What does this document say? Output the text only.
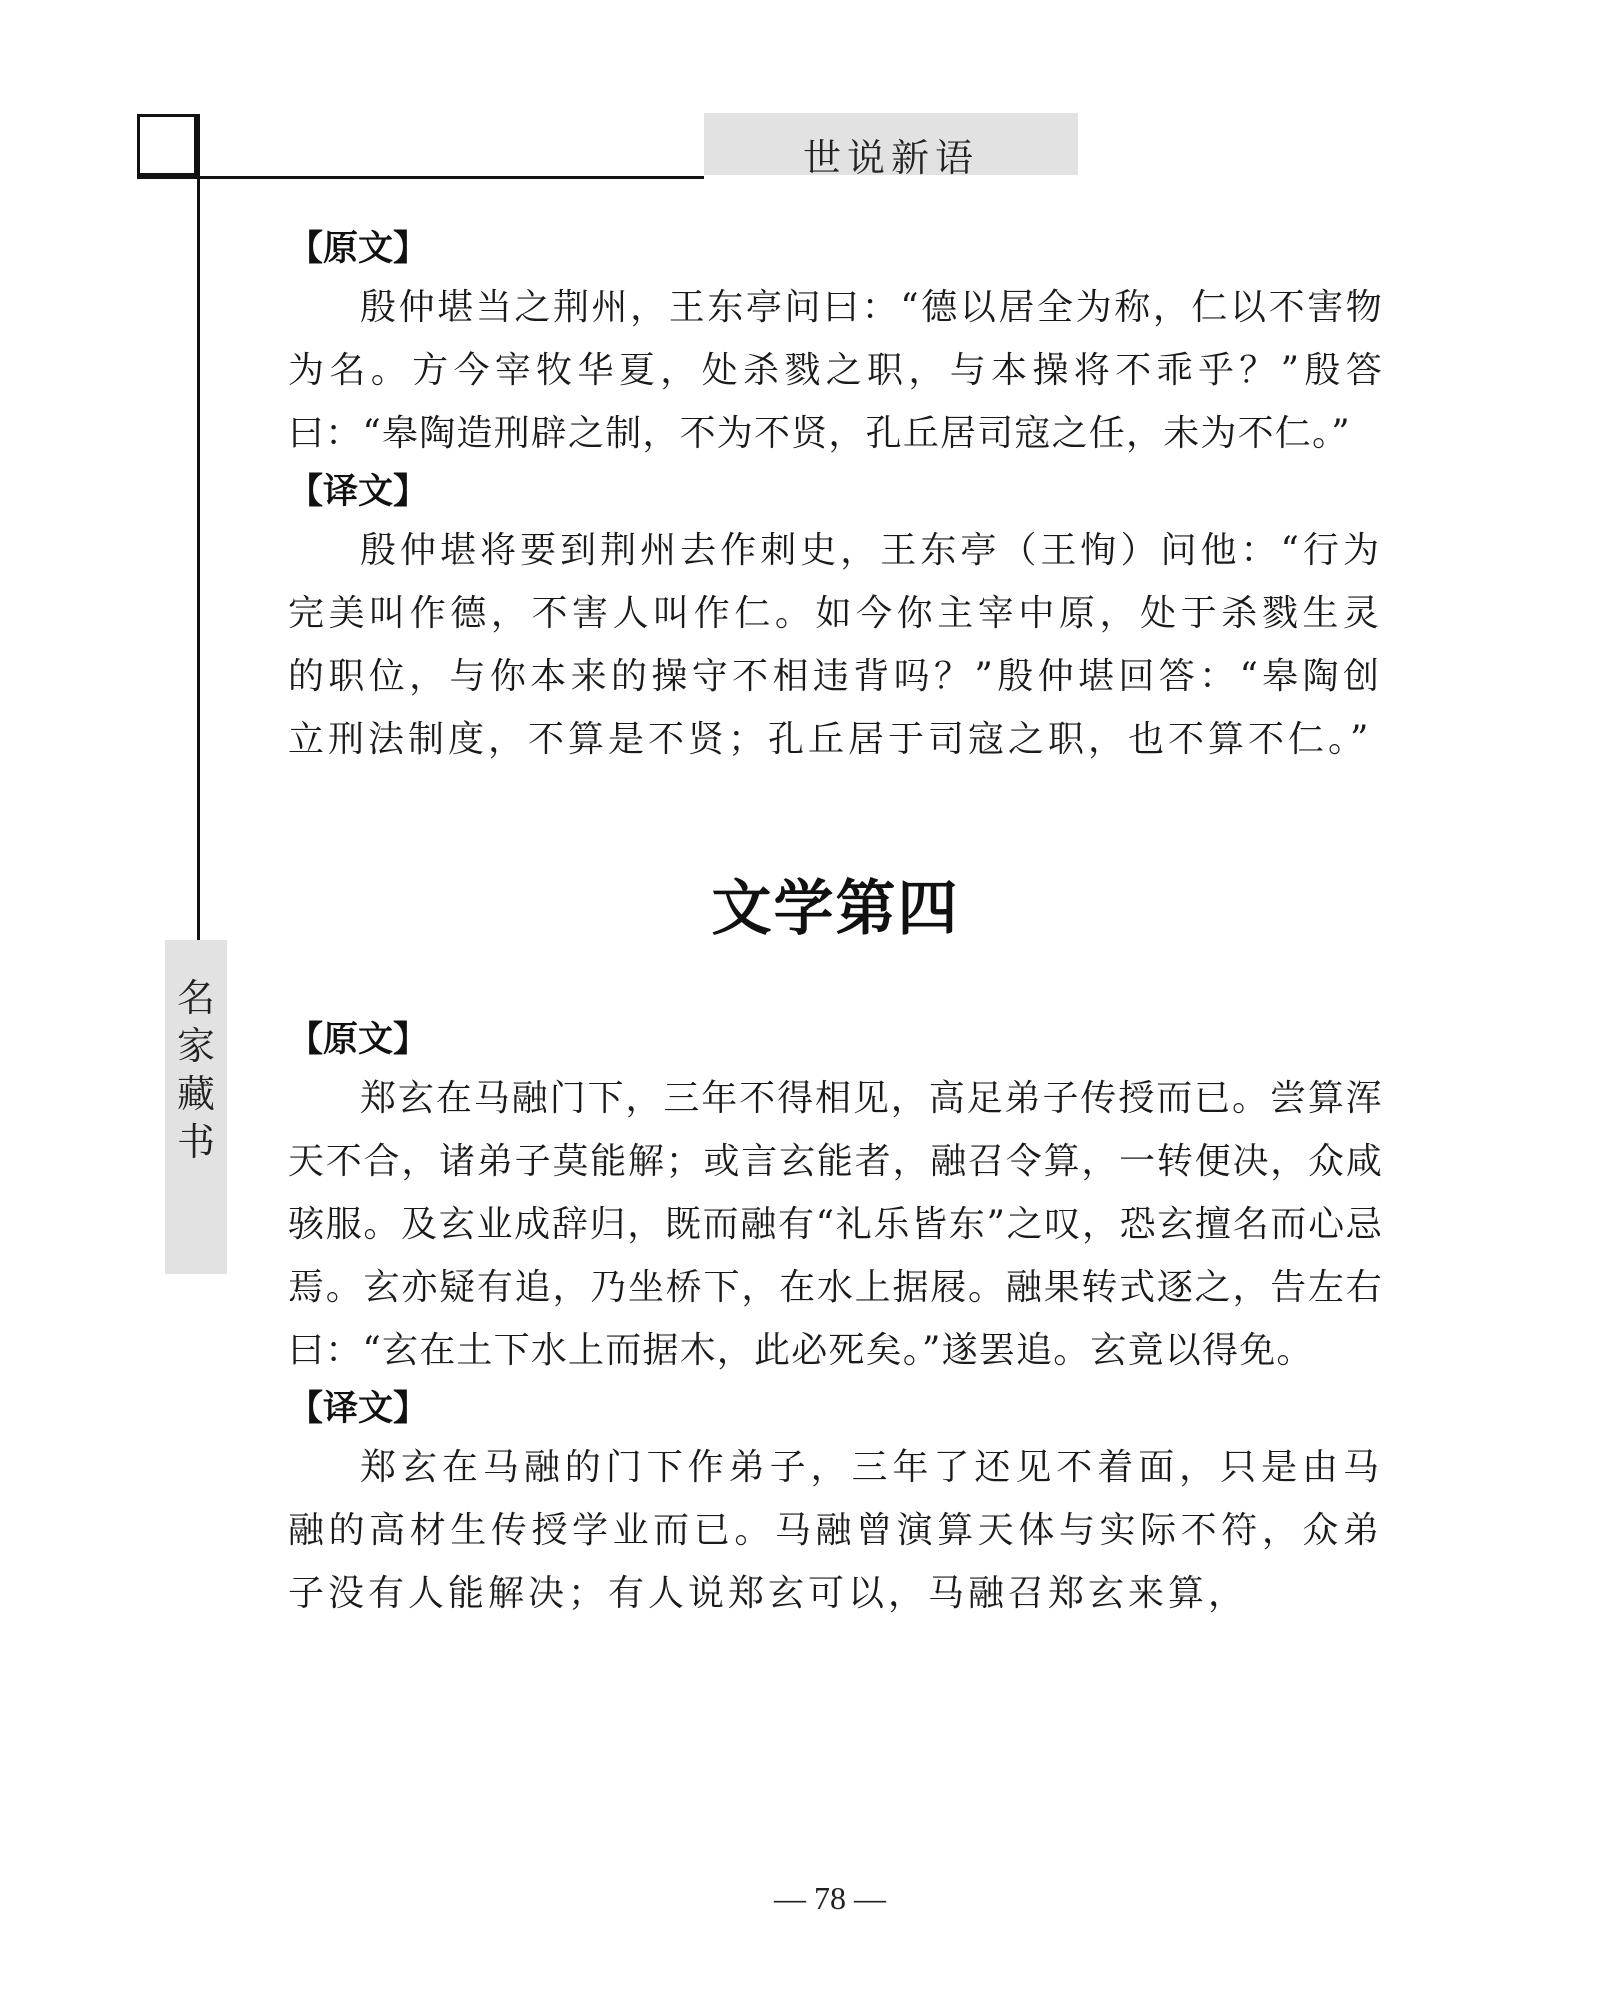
世说新语
名家藏书

【原文】

殷仲堪当之荆州，王东亭问曰：“德以居全为称，仁以不害物为名。方今宰牧华夏，处杀戮之职，与本操将不乖乎？”殷答曰：“皋陶造刑辟之制，不为不贤，孔丘居司寇之任，未为不仁。”

【译文】

殷仲堪将要到荆州去作刺史，王东亭（王恂）问他：“行为完美叫作德，不害人叫作仁。如今你主宰中原，处于杀戮生灵的职位，与你本来的操守不相违背吗？”殷仲堪回答：“皋陶创立刑法制度，不算是不贤；孔丘居于司寇之职，也不算不仁。”

文学第四

【原文】

郑玄在马融门下，三年不得相见，高足弟子传授而已。尝算浑天不合，诸弟子莫能解；或言玄能者，融召令算，一转便决，众咸骇服。及玄业成辞归，既而融有“礼乐皆东”之叹，恐玄擅名而心忌焉。玄亦疑有追，乃坐桥下，在水上据屐。融果转式逐之，告左右曰：“玄在土下水上而据木，此必死矣。”遂罢追。玄竟以得免。

【译文】

郑玄在马融的门下作弟子，三年了还见不着面，只是由马融的高材生传授学业而已。马融曾演算天体与实际不符，众弟子没有人能解决；有人说郑玄可以，马融召郑玄来算，

— 78 —
